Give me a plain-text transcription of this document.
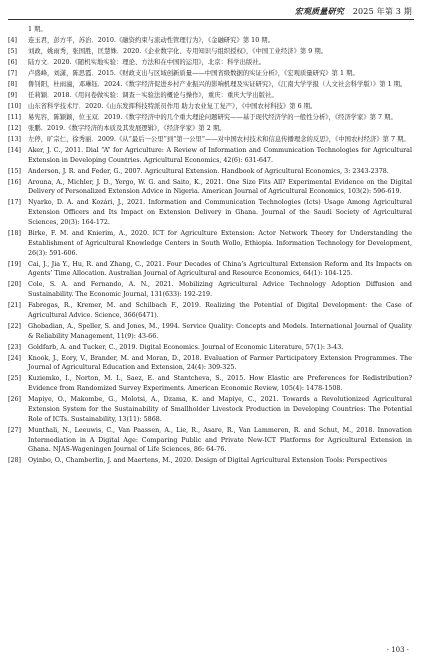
宏观质量研究 2025 年第 3 期
1 期。
[4] 连玉君，彭方平，苏治．2010.《融资约束与流动性管理行为》，《金融研究》第 10 期。
[5] 刘政，姚雨秀，张国胜，匡慧姝．2020.《企业数字化、专用知识与组织授权》，《中国工业经济》第 9 期。
[6] 陆方文．2020.《随机实地实验：理论、方法和在中国的运用》，北京：科学出版社。
[7] 卢盛峰，刘潇，陈思霞．2015.《财政支出与区域创新质量——中国省级数据的实证分析》，《宏观质量研究》第 1 期。
[8] 鲁钊阳，杜雨潼，邓琳钰．2024.《数字经济促进乡村产业振兴的影响机理及实证研究》，《江南大学学报（人文社会科学版）》第 1 期。
[9] 任莉颖．2018.《用问卷做实验：调查－实验法的概论与操作》，重庆：重庆大学出版社。
[10] 山东省科学技术厅．2020.《山东发挥科技特派员作用 助力农业复工复产》，《中国农村科技》第 6 期。
[11] 易宪容，陈颖颖，位玉双．2019.《数字经济中的几个重大理论问题研究——基于现代经济学的一般性分析》，《经济学家》第 7 期。
[12] 张鹏．2019.《数字经济的本质及其发展逻辑》，《经济学家》第 2 期。
[13] 左停，旷宗仁，徐秀丽．2009.《从“最后一公里”到“第一公里”——对中国农村技术和信息传播理念的反思》，《中国农村经济》第 7 期。
[14] Aker, J. C., 2011. Dial “A” for Agriculture: A Review of Information and Communication Technologies for Agricultural Extension in Developing Countries. Agricultural Economics, 42(6): 631-647.
[15] Anderson, J. R. and Feder, G., 2007. Agricultural Extension. Handbook of Agricultural Economics, 3: 2343-2378.
[16] Arouna, A., Michler, J. D., Yergo, W. G. and Saito, K., 2021. One Size Fits All? Experimental Evidence on the Digital Delivery of Personalized Extension Advice in Nigeria. American Journal of Agricultural Economics, 103(2): 596-619.
[17] Nyarko, D. A. and Kozári, J., 2021. Information and Communication Technologies (Icts) Usage Among Agricultural Extension Officers and Its Impact on Extension Delivery in Ghana. Journal of the Saudi Society of Agricultural Sciences, 20(3): 164-172.
[18] Birke, F. M. and Knierim, A., 2020. ICT for Agriculture Extension: Actor Network Theory for Understanding the Establishment of Agricultural Knowledge Centers in South Wollo, Ethiopia. Information Technology for Development, 26(3): 591-606.
[19] Cai, J., Jia Y., Hu, R. and Zhang, C., 2021. Four Decades of China’s Agricultural Extension Reform and Its Impacts on Agents’ Time Allocation. Australian Journal of Agricultural and Resource Economics, 64(1): 104-125.
[20] Cole, S. A. and Fernando, A. N., 2021. Mobilizing Agricultural Advice Technology Adoption Diffusion and Sustainability. The Economic Journal, 131(633): 192-219.
[21] Fabregas, R., Kremer, M. and Schilbach F., 2019. Realizing the Potential of Digital Development: the Case of Agricultural Advice. Science, 366(6471).
[22] Ghobadian, A., Speller, S. and Jones, M., 1994. Service Quality: Concepts and Models. International Journal of Quality & Reliability Management, 11(9): 43-66.
[23] Goldfarb, A. and Tucker, C., 2019. Digital Economics. Journal of Economic Literature, 57(1): 3-43.
[24] Knook, J., Eory, V., Brander, M. and Moran, D., 2018. Evaluation of Farmer Participatory Extension Programmes. The Journal of Agricultural Education and Extension, 24(4): 309-325.
[25] Kuziemko, I., Norton, M. I., Saez, E. and Stantcheva, S., 2015. How Elastic are Preferences for Redistribution? Evidence from Randomized Survey Experiments. American Economic Review, 105(4): 1478-1508.
[26] Mapiye, O., Makombe, G., Molotsi, A., Dzama, K. and Mapiye, C., 2021. Towards a Revolutionized Agricultural Extension System for the Sustainability of Smallholder Livestock Production in Developing Countries: The Potential Role of ICTs. Sustainability, 13(11): 5868.
[27] Munthali, N., Leeuwis, C., Van Paassen, A., Lie, R., Asare, R., Van Lammeren, R. and Schut, M., 2018. Innovation Intermediation in A Digital Age: Comparing Public and Private New-ICT Platforms for Agricultural Extension in Ghana. NJAS-Wageningen Journal of Life Sciences, 86: 64-76.
[28] Oyinbo, O., Chamberlin, J. and Maertens, M., 2020. Design of Digital Agricultural Extension Tools: Perspectives
· 103 ·
